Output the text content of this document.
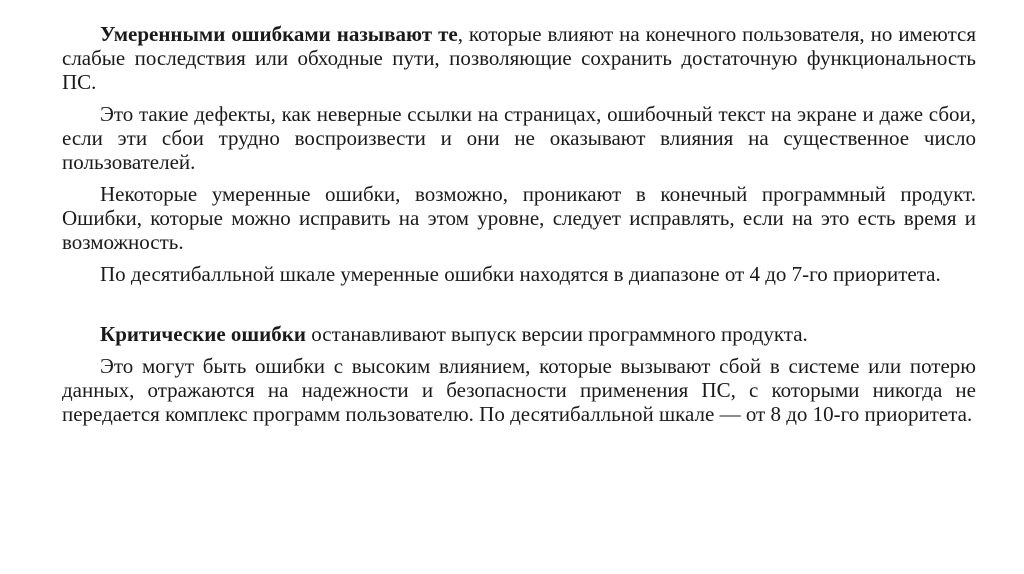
Умеренными ошибками называют те, которые влияют на конечного пользователя, но имеются слабые последствия или обходные пути, позволяющие сохранить достаточную функциональность ПС.

Это такие дефекты, как неверные ссылки на страницах, ошибочный текст на экране и даже сбои, если эти сбои трудно воспроизвести и они не оказывают влияния на существенное число пользователей.

Некоторые умеренные ошибки, возможно, проникают в конечный программный продукт. Ошибки, которые можно исправить на этом уровне, следует исправлять, если на это есть время и возможность.

По десятибалльной шкале умеренные ошибки находятся в диапазоне от 4 до 7-го приоритета.

Критические ошибки останавливают выпуск версии программного продукта.

Это могут быть ошибки с высоким влиянием, которые вызывают сбой в системе или потерю данных, отражаются на надежности и безопасности применения ПС, с которыми никогда не передается комплекс программ пользователю. По десятибалльной шкале — от 8 до 10-го приоритета.
